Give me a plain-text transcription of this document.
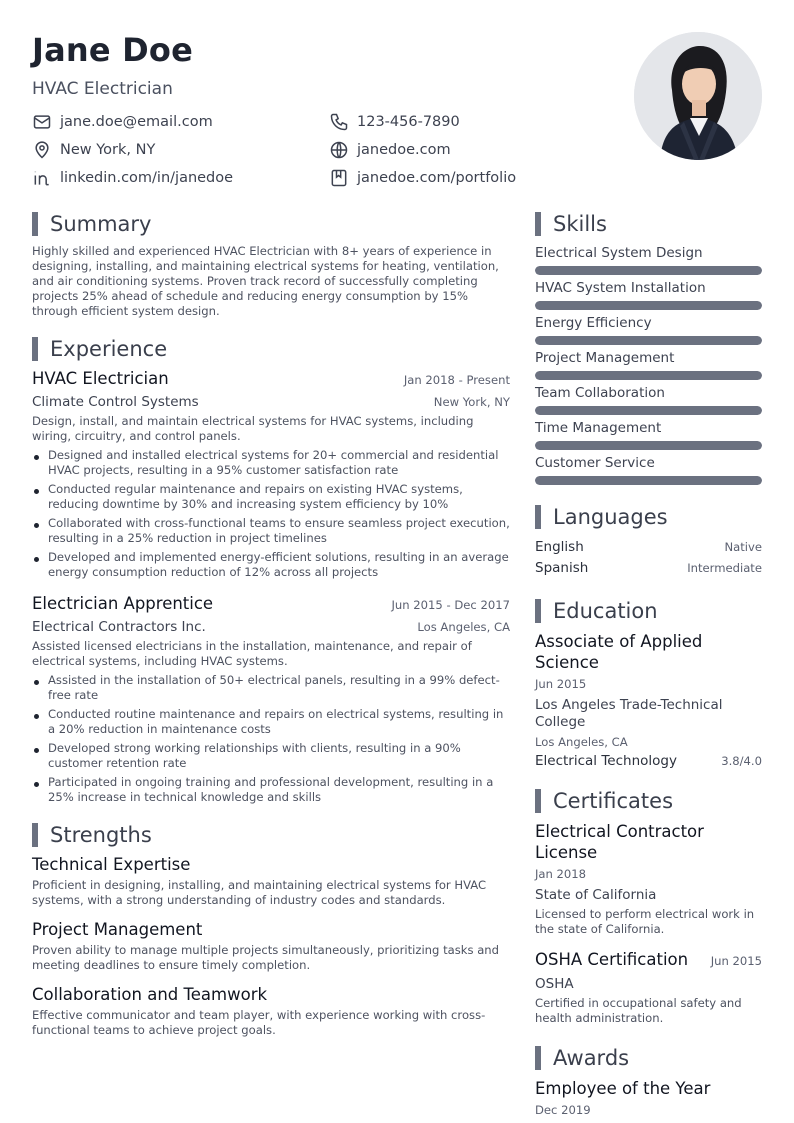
Jane Doe
HVAC Electrician
jane.doe@email.com	123-456-7890
New York, NY	janedoe.com
linkedin.com/in/janedoe	janedoe.com/portfolio
Summary
Highly skilled and experienced HVAC Electrician with 8+ years of experience in designing, installing, and maintaining electrical systems for heating, ventilation, and air conditioning systems. Proven track record of successfully completing projects 25% ahead of schedule and reducing energy consumption by 15% through efficient system design.
Experience
HVAC Electrician	Jan 2018 - Present
Climate Control Systems	New York, NY
Design, install, and maintain electrical systems for HVAC systems, including wiring, circuitry, and control panels.
Designed and installed electrical systems for 20+ commercial and residential HVAC projects, resulting in a 95% customer satisfaction rate
Conducted regular maintenance and repairs on existing HVAC systems, reducing downtime by 30% and increasing system efficiency by 10%
Collaborated with cross-functional teams to ensure seamless project execution, resulting in a 25% reduction in project timelines
Developed and implemented energy-efficient solutions, resulting in an average energy consumption reduction of 12% across all projects
Electrician Apprentice	Jun 2015 - Dec 2017
Electrical Contractors Inc.	Los Angeles, CA
Assisted licensed electricians in the installation, maintenance, and repair of electrical systems, including HVAC systems.
Assisted in the installation of 50+ electrical panels, resulting in a 99% defect-free rate
Conducted routine maintenance and repairs on electrical systems, resulting in a 20% reduction in maintenance costs
Developed strong working relationships with clients, resulting in a 90% customer retention rate
Participated in ongoing training and professional development, resulting in a 25% increase in technical knowledge and skills
Strengths
Technical Expertise
Proficient in designing, installing, and maintaining electrical systems for HVAC systems, with a strong understanding of industry codes and standards.
Project Management
Proven ability to manage multiple projects simultaneously, prioritizing tasks and meeting deadlines to ensure timely completion.
Collaboration and Teamwork
Effective communicator and team player, with experience working with cross-functional teams to achieve project goals.
Skills
Electrical System Design
HVAC System Installation
Energy Efficiency
Project Management
Team Collaboration
Time Management
Customer Service
Languages
English	Native
Spanish	Intermediate
Education
Associate of Applied Science
Jun 2015
Los Angeles Trade-Technical College
Los Angeles, CA
Electrical Technology	3.8/4.0
Certificates
Electrical Contractor License
Jan 2018
State of California
Licensed to perform electrical work in the state of California.
OSHA Certification Jun 2015
OSHA
Certified in occupational safety and health administration.
Awards
Employee of the Year
Dec 2019
